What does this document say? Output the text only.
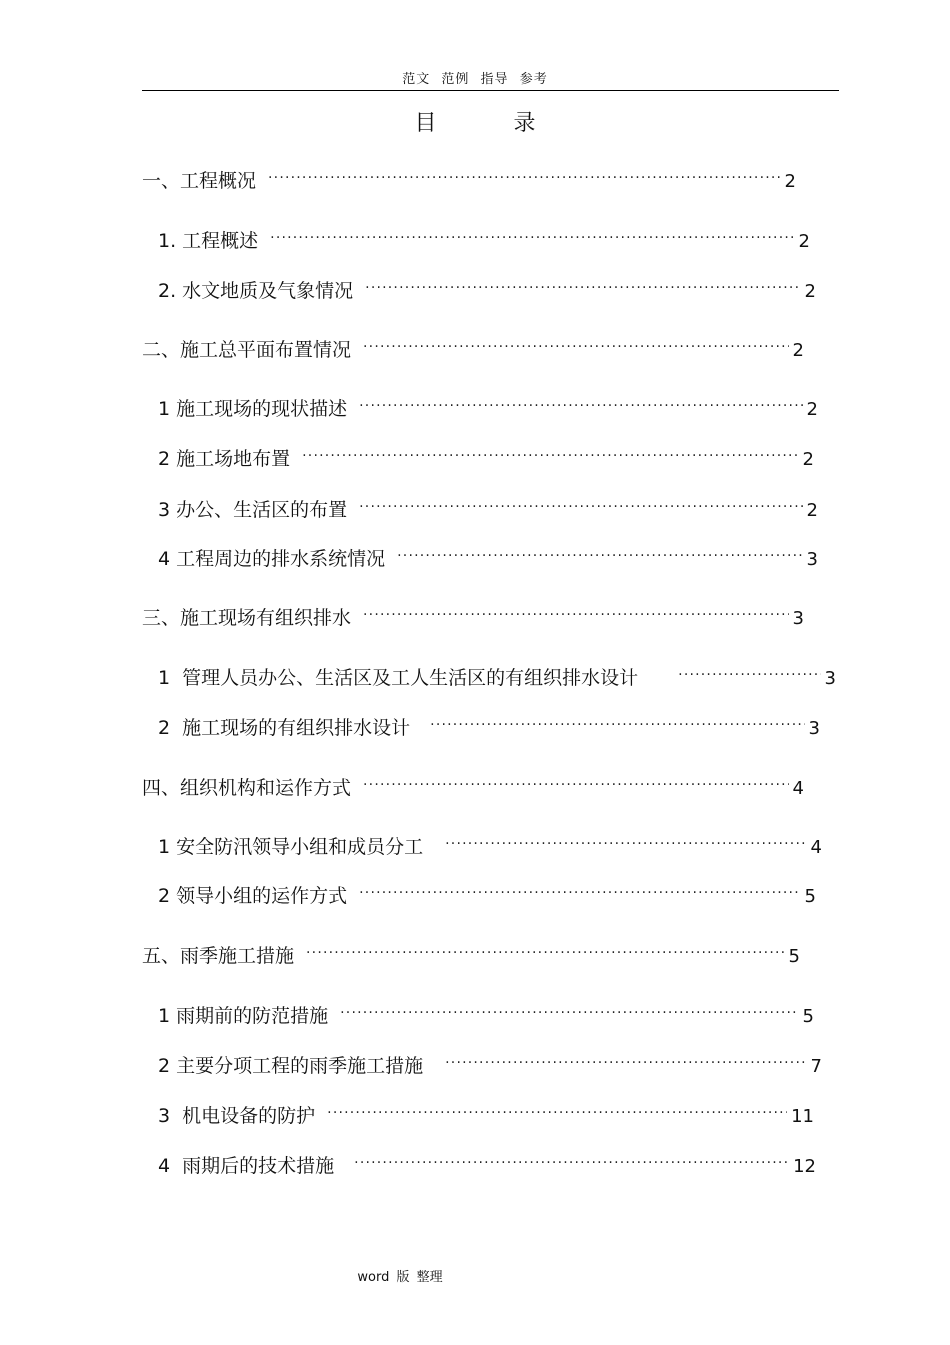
范文 范例 指导 参考
目 录
一、工程概况 .....	2
1. 工程概述 .....	2
2. 水文地质及气象情况 .....	2
二、施工总平面布置情况 .....	2
1 施工现场的现状描述 .....	2
2 施工场地布置 .....	2
3 办公、生活区的布置 .....	2
4 工程周边的排水系统情况 .....	3
三、施工现场有组织排水 .....	3
1  管理人员办公、生活区及工人生活区的有组织排水设计 .....	3
2  施工现场的有组织排水设计 .....	3
四、组织机构和运作方式 .....	4
1 安全防汛领导小组和成员分工 .....	4
2 领导小组的运作方式 .....	5
五、雨季施工措施 .....	5
1 雨期前的防范措施 .....	5
2 主要分项工程的雨季施工措施 .....	7
3  机电设备的防护 .....	11
4  雨期后的技术措施 .....	12
word 版 整理
